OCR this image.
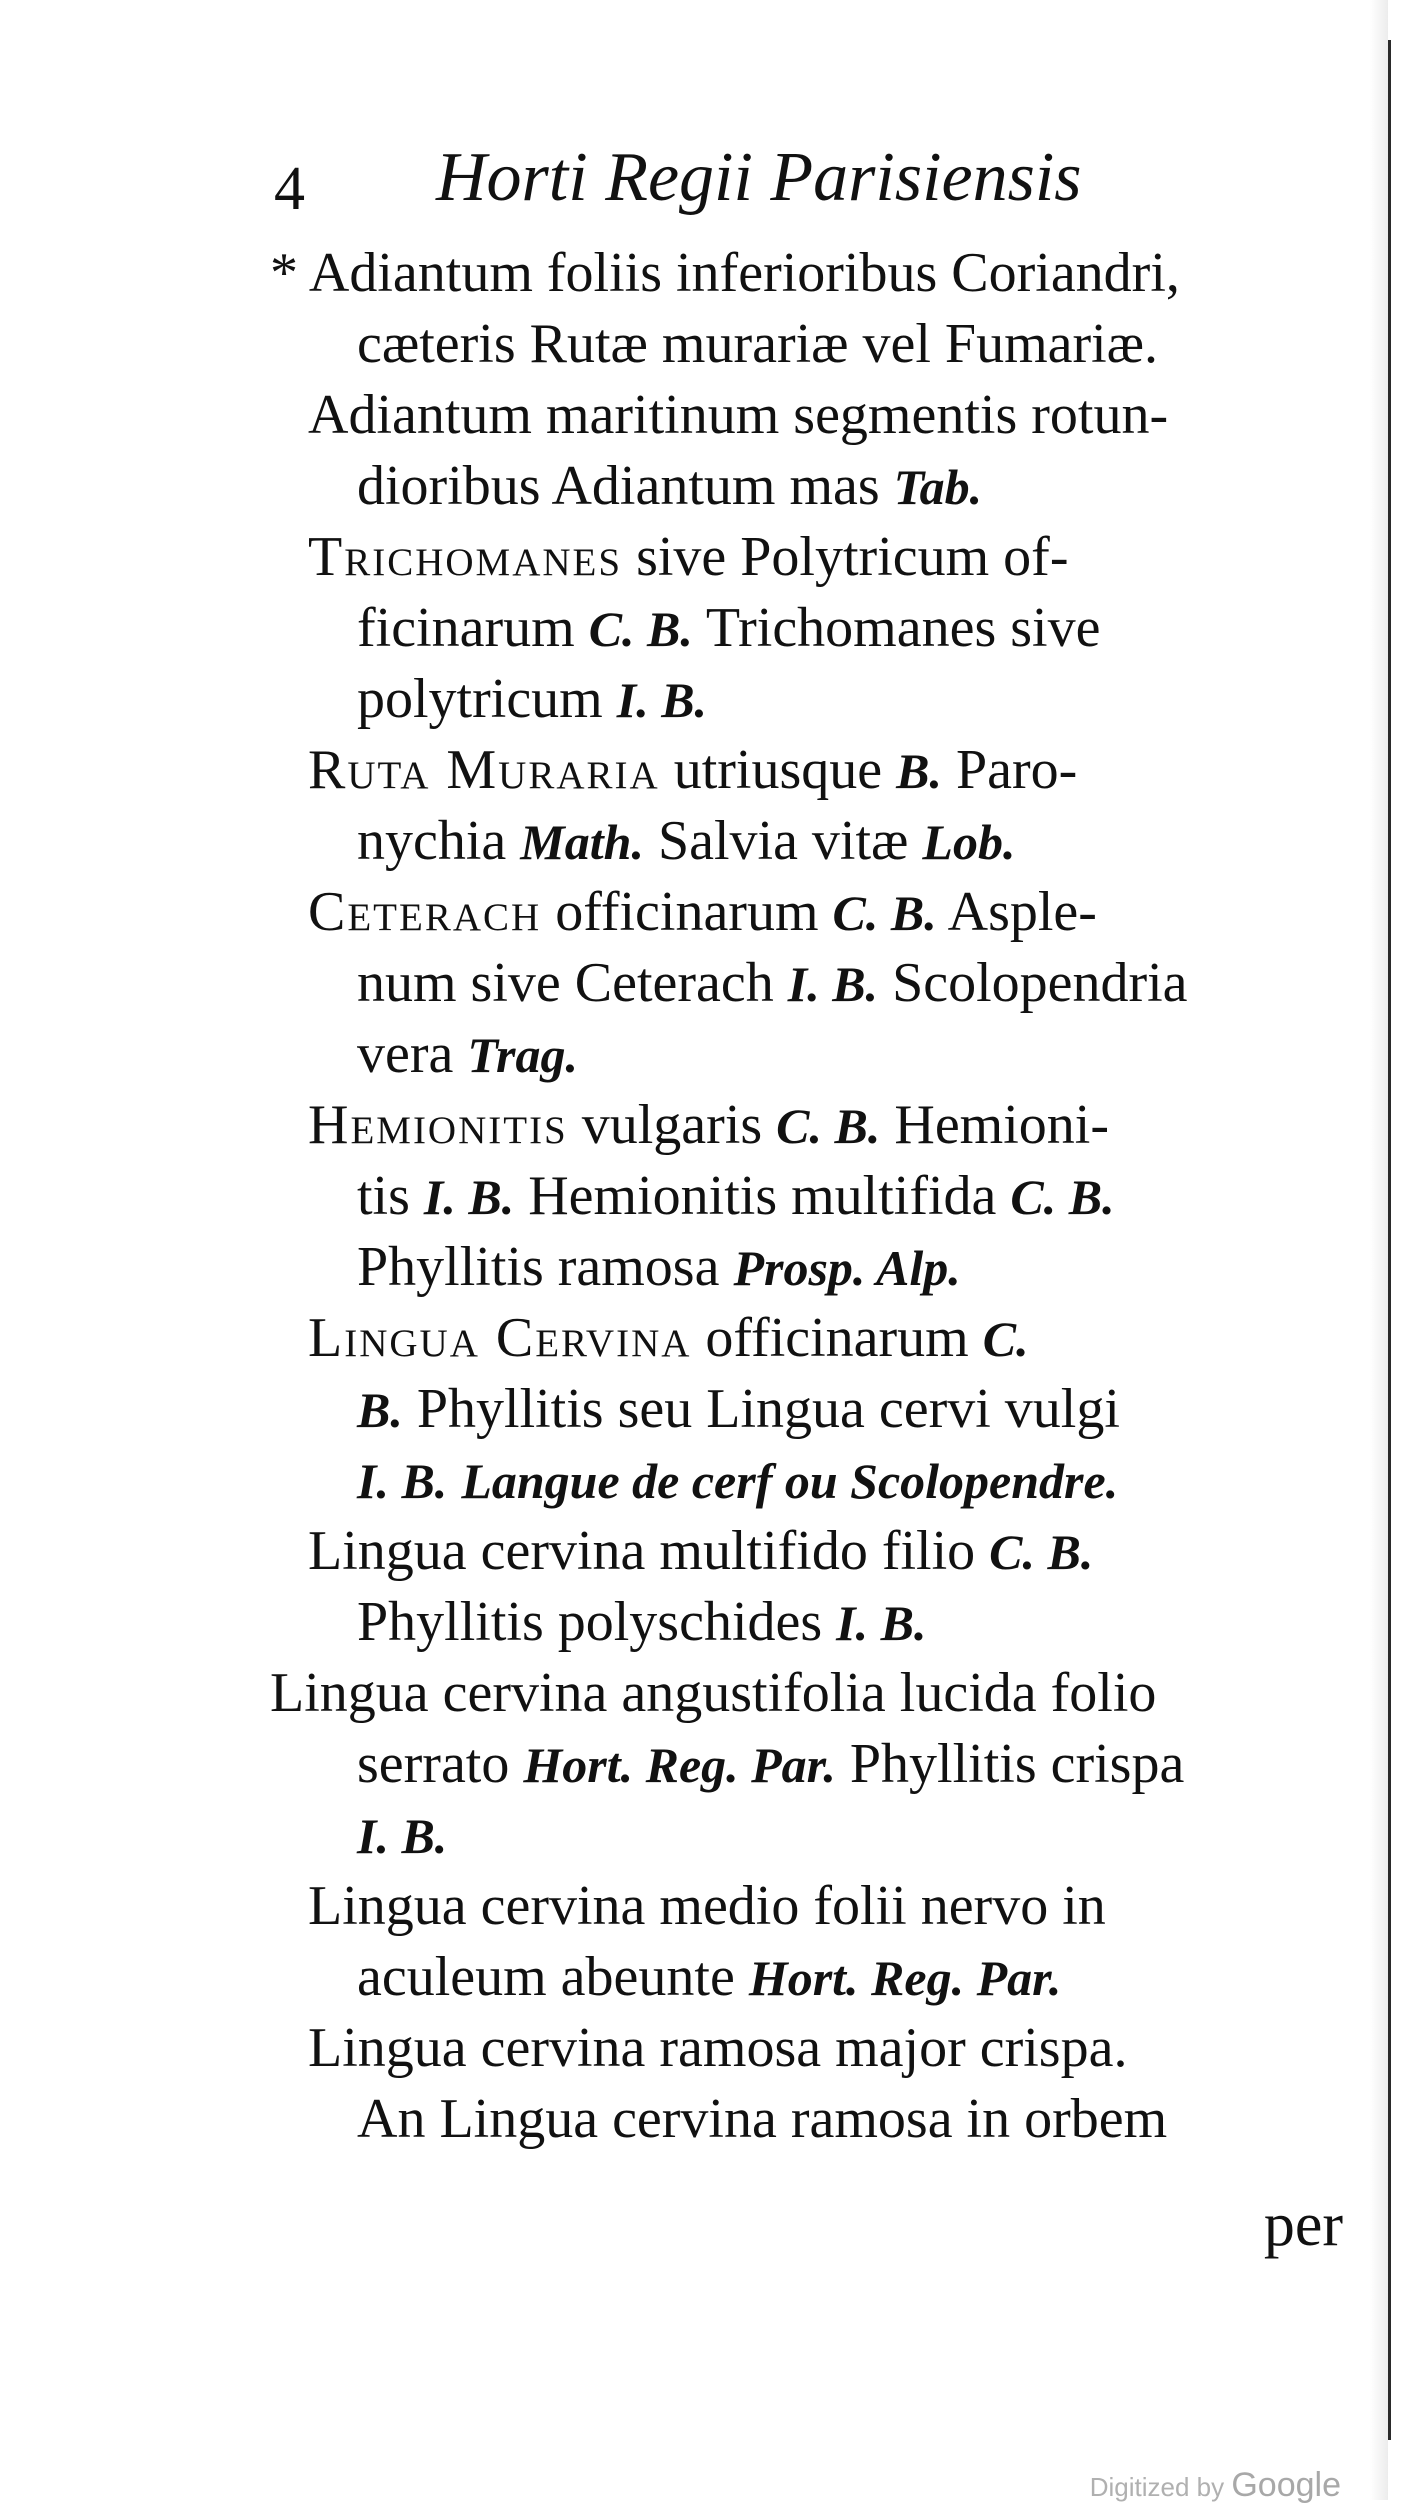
4 Horti Regii Parisiensis
* Adiantum foliis inferioribus Coriandri,
cæteris Rutæ murariæ vel Fumariæ.
Adiantum maritinum segmentis rotun-
dioribus Adiantum mas Tab.
Trichomanes sive Polytricum of-
ficinarum C. B. Trichomanes sive
polytricum I. B.
Ruta Muraria utriusque B. Paro-
nychia Math. Salvia vitæ Lob.
Ceterach officinarum C. B. Asple-
num sive Ceterach I. B. Scolopendria
vera Trag.
Hemionitis vulgaris C. B. Hemioni-
tis I. B. Hemionitis multifida C. B.
Phyllitis ramosa Prosp. Alp.
Lingua Cervina officinarum C.
B. Phyllitis seu Lingua cervi vulgi
I. B. Langue de cerf ou Scolopendre.
Lingua cervina multifido filio C. B.
Phyllitis polyschides I. B.
Lingua cervina angustifolia lucida folio
serrato Hort. Reg. Par. Phyllitis crispa
I. B.
Lingua cervina medio folii nervo in
aculeum abeunte Hort. Reg. Par.
Lingua cervina ramosa major crispa.
An Lingua cervina ramosa in orbem
per
Digitized by Google
